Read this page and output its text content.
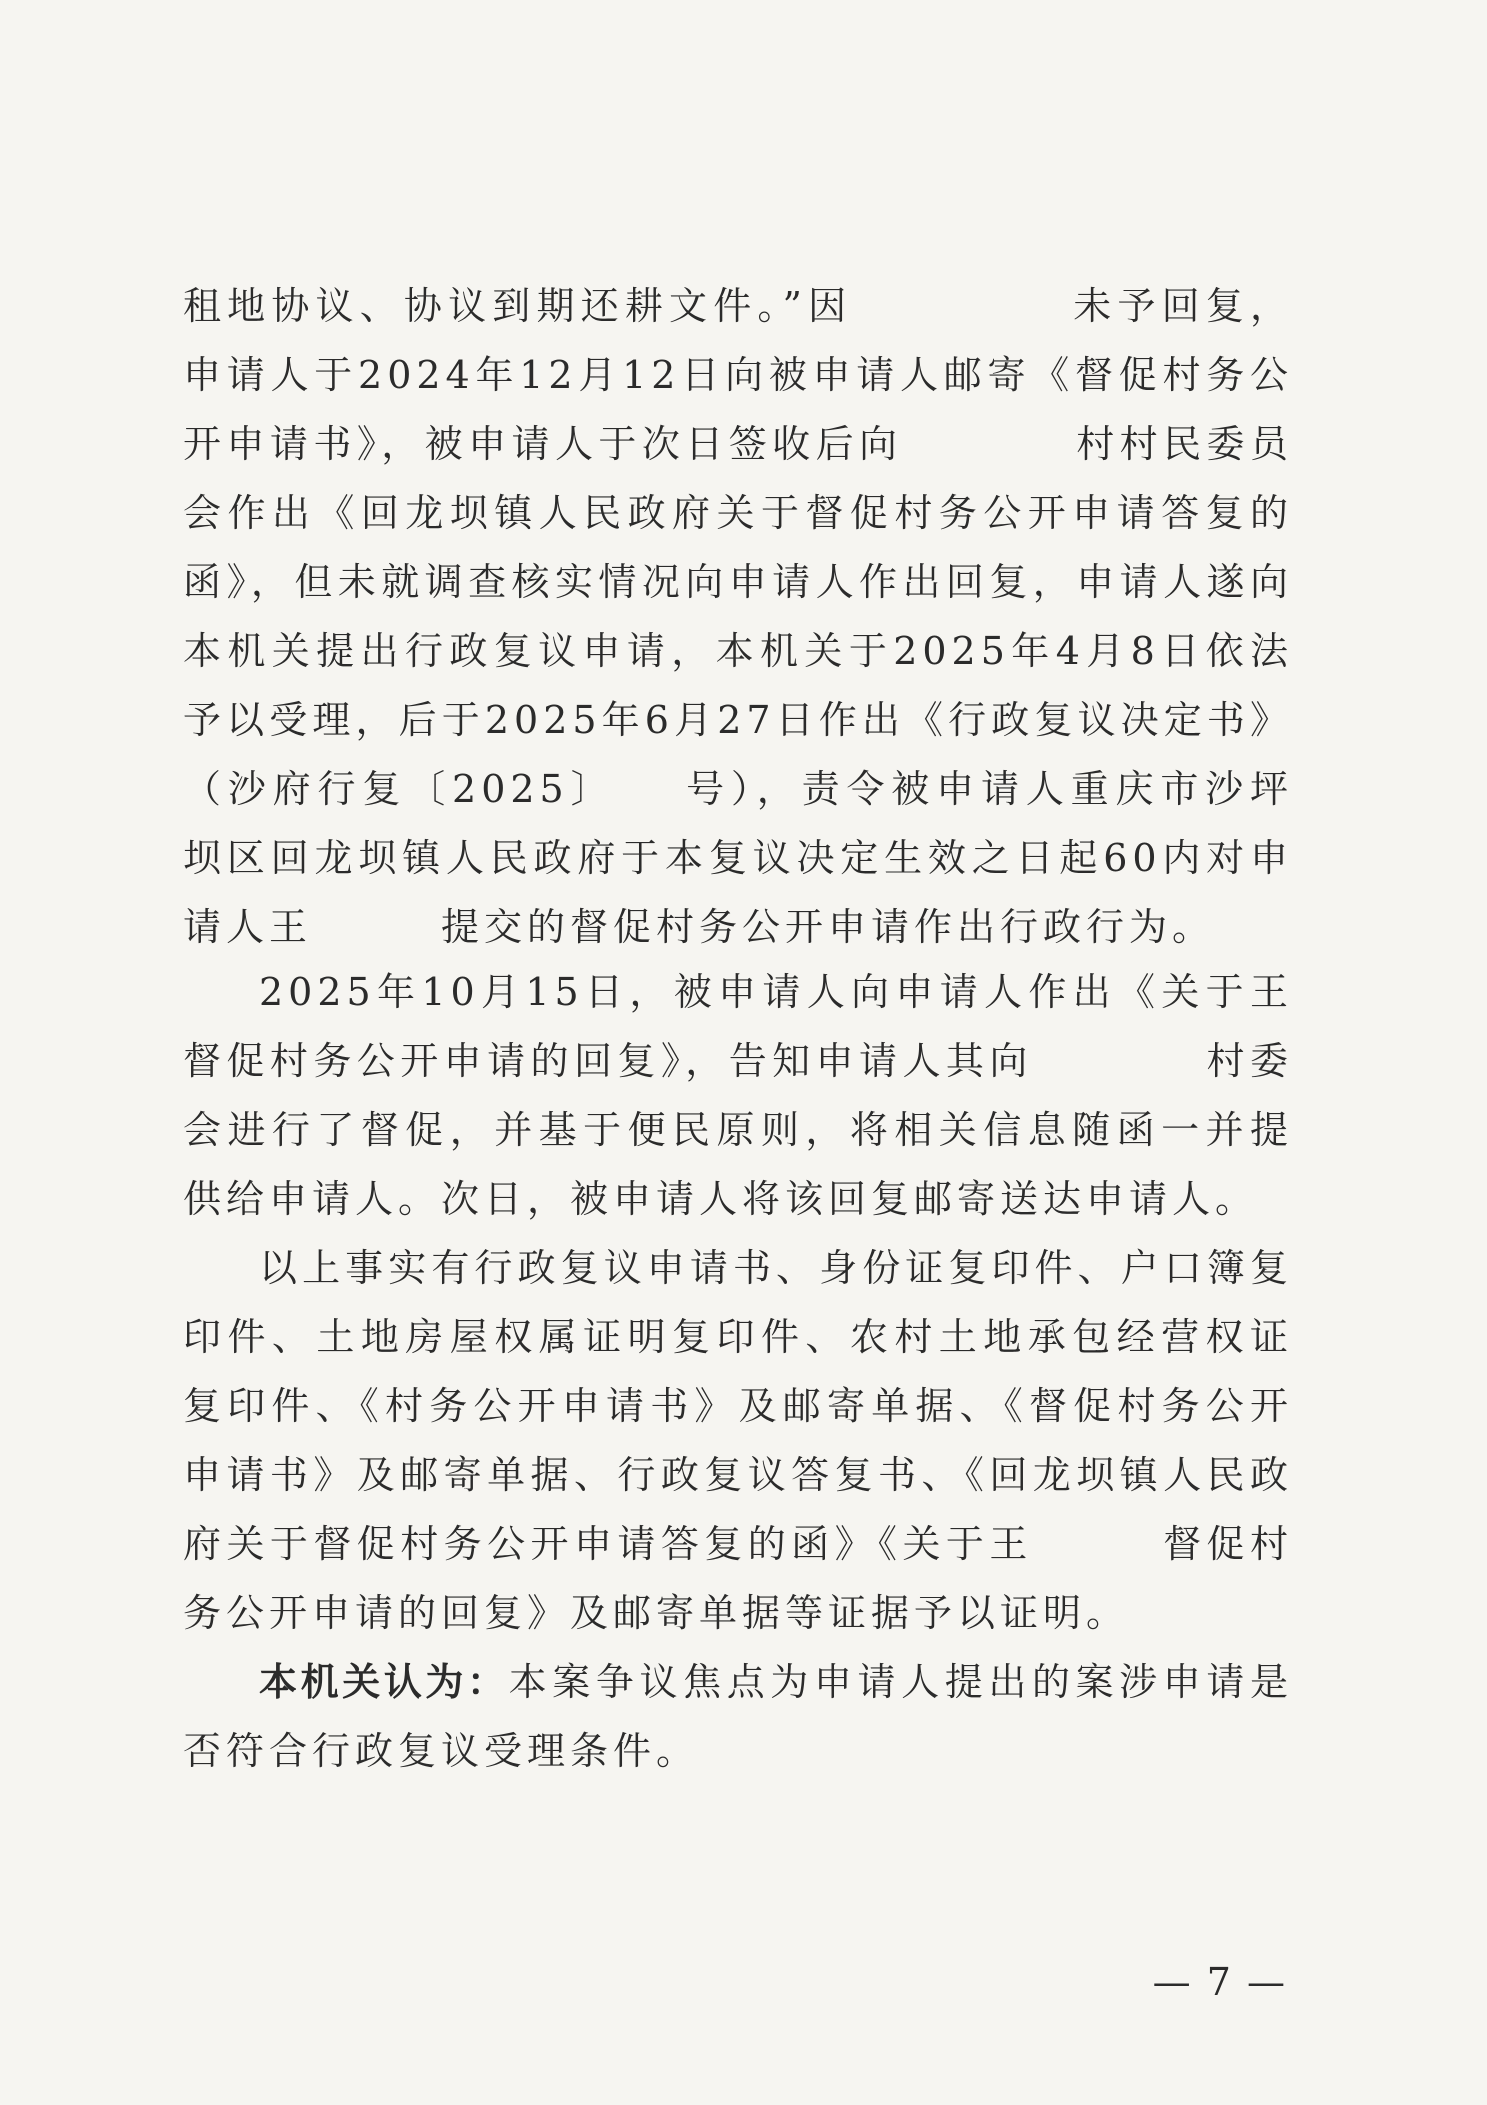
租地协议、协议到期还耕文件。”因　　　　　未予回复，申请人于2024年12月12日向被申请人邮寄《督促村务公开申请书》，被申请人于次日签收后向　　　　村村民委员会作出《回龙坝镇人民政府关于督促村务公开申请答复的函》，但未就调查核实情况向申请人作出回复，申请人遂向本机关提出行政复议申请，本机关于2025年4月8日依法予以受理，后于2025年6月27日作出《行政复议决定书》（沙府行复〔2025〕　　号），责令被申请人重庆市沙坪坝区回龙坝镇人民政府于本复议决定生效之日起60内对申请人王　　　提交的督促村务公开申请作出行政行为。

2025年10月15日，被申请人向申请人作出《关于王　　　督促村务公开申请的回复》，告知申请人其向　　　　村委会进行了督促，并基于便民原则，将相关信息随函一并提供给申请人。次日，被申请人将该回复邮寄送达申请人。

以上事实有行政复议申请书、身份证复印件、户口簿复印件、土地房屋权属证明复印件、农村土地承包经营权证复印件、《村务公开申请书》及邮寄单据、《督促村务公开申请书》及邮寄单据、行政复议答复书、《回龙坝镇人民政府关于督促村务公开申请答复的函》《关于王　　　督促村务公开申请的回复》及邮寄单据等证据予以证明。

本机关认为：本案争议焦点为申请人提出的案涉申请是否符合行政复议受理条件。

— 7 —
